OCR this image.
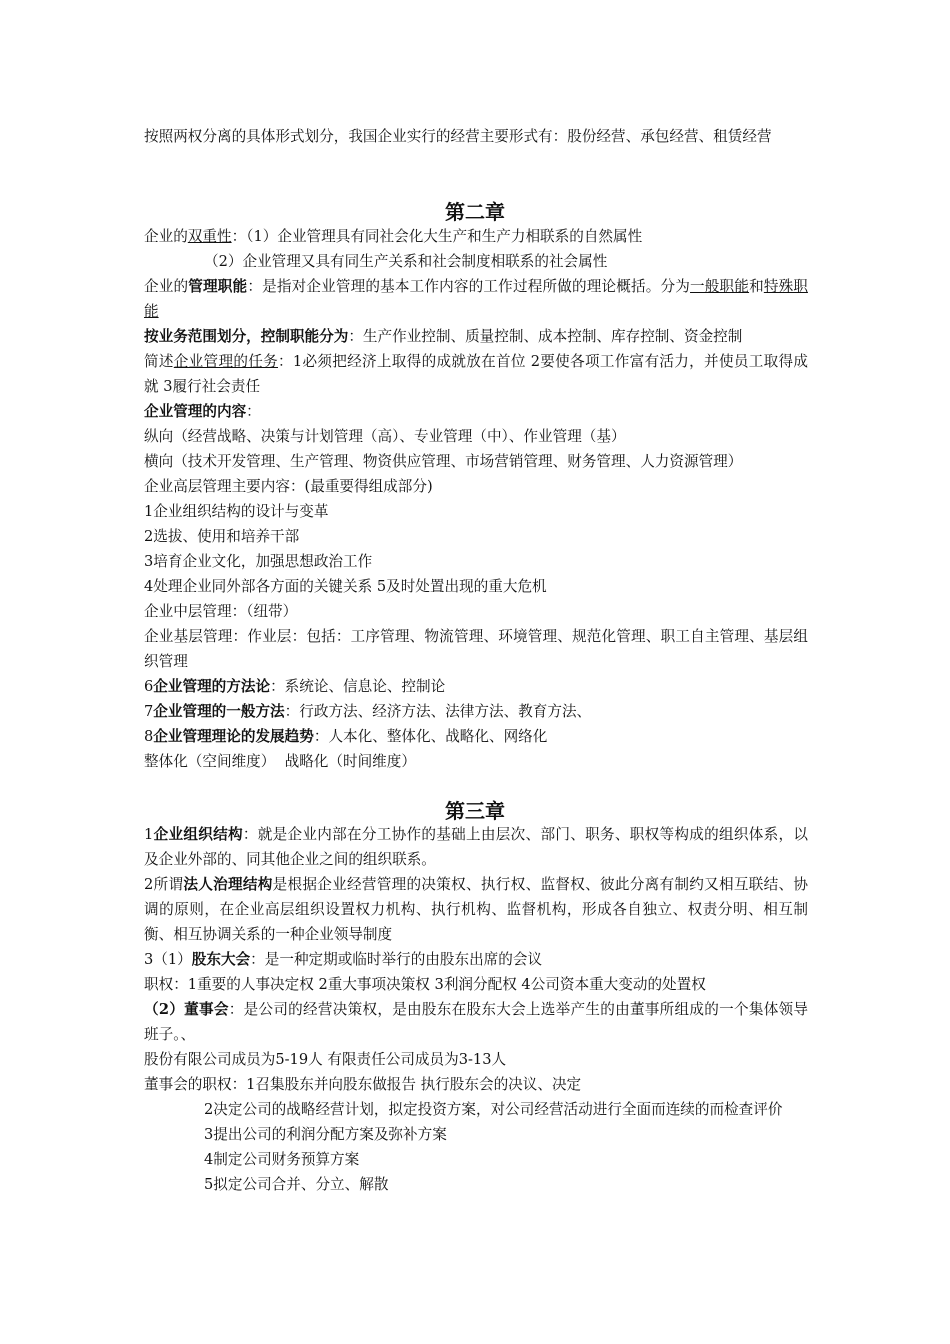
按照两权分离的具体形式划分，我国企业实行的经营主要形式有：股份经营、承包经营、租赁经营
第二章
企业的双重性：（1）企业管理具有同社会化大生产和生产力相联系的自然属性
（2）企业管理又具有同生产关系和社会制度相联系的社会属性
企业的管理职能：是指对企业管理的基本工作内容的工作过程所做的理论概括。分为一般职能和特殊职能
按业务范围划分，控制职能分为：生产作业控制、质量控制、成本控制、库存控制、资金控制
简述企业管理的任务：1必须把经济上取得的成就放在首位 2要使各项工作富有活力，并使员工取得成就 3履行社会责任
企业管理的内容：
纵向（经营战略、决策与计划管理（高）、专业管理（中）、作业管理（基）
横向（技术开发管理、生产管理、物资供应管理、市场营销管理、财务管理、人力资源管理）
企业高层管理主要内容：(最重要得组成部分)
1企业组织结构的设计与变革
2选拔、使用和培养干部
3培育企业文化，加强思想政治工作
4处理企业同外部各方面的关键关系 5及时处置出现的重大危机
企业中层管理：（纽带）
企业基层管理：作业层：包括：工序管理、物流管理、环境管理、规范化管理、职工自主管理、基层组织管理
6企业管理的方法论：系统论、信息论、控制论
7企业管理的一般方法：行政方法、经济方法、法律方法、教育方法、
8企业管理理论的发展趋势：人本化、整体化、战略化、网络化
整体化（空间维度）  战略化（时间维度）
第三章
1企业组织结构：就是企业内部在分工协作的基础上由层次、部门、职务、职权等构成的组织体系，以及企业外部的、同其他企业之间的组织联系。
2所谓法人治理结构是根据企业经营管理的决策权、执行权、监督权、彼此分离有制约又相互联结、协调的原则，在企业高层组织设置权力机构、执行机构、监督机构，形成各自独立、权责分明、相互制衡、相互协调关系的一种企业领导制度
3（1）股东大会：是一种定期或临时举行的由股东出席的会议
职权：1重要的人事决定权 2重大事项决策权 3利润分配权 4公司资本重大变动的处置权
（2）董事会：是公司的经营决策权，是由股东在股东大会上选举产生的由董事所组成的一个集体领导班子。、
股份有限公司成员为5-19人 有限责任公司成员为3-13人
董事会的职权：1召集股东并向股东做报告 执行股东会的决议、决定
2决定公司的战略经营计划，拟定投资方案，对公司经营活动进行全面而连续的而检查评价
3提出公司的利润分配方案及弥补方案
4制定公司财务预算方案
5拟定公司合并、分立、解散
